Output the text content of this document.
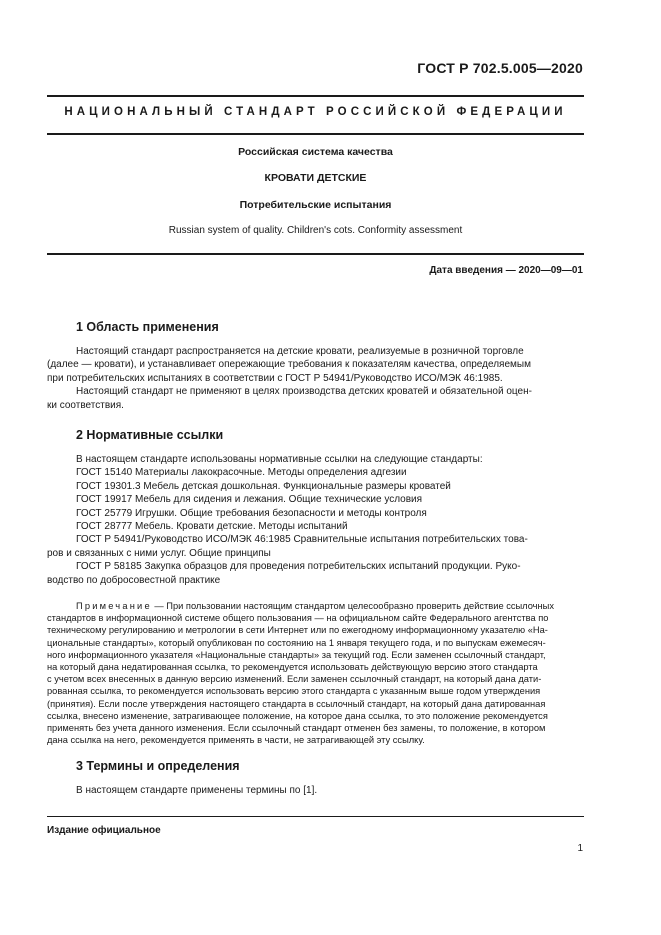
ГОСТ Р 702.5.005—2020
НАЦИОНАЛЬНЫЙ СТАНДАРТ РОССИЙСКОЙ ФЕДЕРАЦИИ
Российская система качества
КРОВАТИ ДЕТСКИЕ
Потребительские испытания
Russian system of quality. Children's cots. Conformity assessment
Дата введения — 2020—09—01
1 Область применения
Настоящий стандарт распространяется на детские кровати, реализуемые в розничной торговле
(далее — кровати), и устанавливает опережающие требования к показателям качества, определяемым
при потребительских испытаниях в соответствии с ГОСТ Р 54941/Руководство ИСО/МЭК 46:1985.
Настоящий стандарт не применяют в целях производства детских кроватей и обязательной оцен-
ки соответствия.
2 Нормативные ссылки
В настоящем стандарте использованы нормативные ссылки на следующие стандарты:
ГОСТ 15140 Материалы лакокрасочные. Методы определения адгезии
ГОСТ 19301.3 Мебель детская дошкольная. Функциональные размеры кроватей
ГОСТ 19917 Мебель для сидения и лежания. Общие технические условия
ГОСТ 25779 Игрушки. Общие требования безопасности и методы контроля
ГОСТ 28777 Мебель. Кровати детские. Методы испытаний
ГОСТ Р 54941/Руководство ИСО/МЭК 46:1985 Сравнительные испытания потребительских това-
ров и связанных с ними услуг. Общие принципы
ГОСТ Р 58185 Закупка образцов для проведения потребительских испытаний продукции. Руко-
водство по добросовестной практике
Примечание — При пользовании настоящим стандартом целесообразно проверить действие ссылочных
стандартов в информационной системе общего пользования — на официальном сайте Федерального агентства по
техническому регулированию и метрологии в сети Интернет или по ежегодному информационному указателю «На-
циональные стандарты», который опубликован по состоянию на 1 января текущего года, и по выпускам ежемесяч-
ного информационного указателя «Национальные стандарты» за текущий год. Если заменен ссылочный стандарт,
на который дана недатированная ссылка, то рекомендуется использовать действующую версию этого стандарта
с учетом всех внесенных в данную версию изменений. Если заменен ссылочный стандарт, на который дана дати-
рованная ссылка, то рекомендуется использовать версию этого стандарта с указанным выше годом утверждения
(принятия). Если после утверждения настоящего стандарта в ссылочный стандарт, на который дана датированная
ссылка, внесено изменение, затрагивающее положение, на которое дана ссылка, то это положение рекомендуется
применять без учета данного изменения. Если ссылочный стандарт отменен без замены, то положение, в котором
дана ссылка на него, рекомендуется применять в части, не затрагивающей эту ссылку.
3 Термины и определения
В настоящем стандарте применены термины по [1].
Издание официальное
1
